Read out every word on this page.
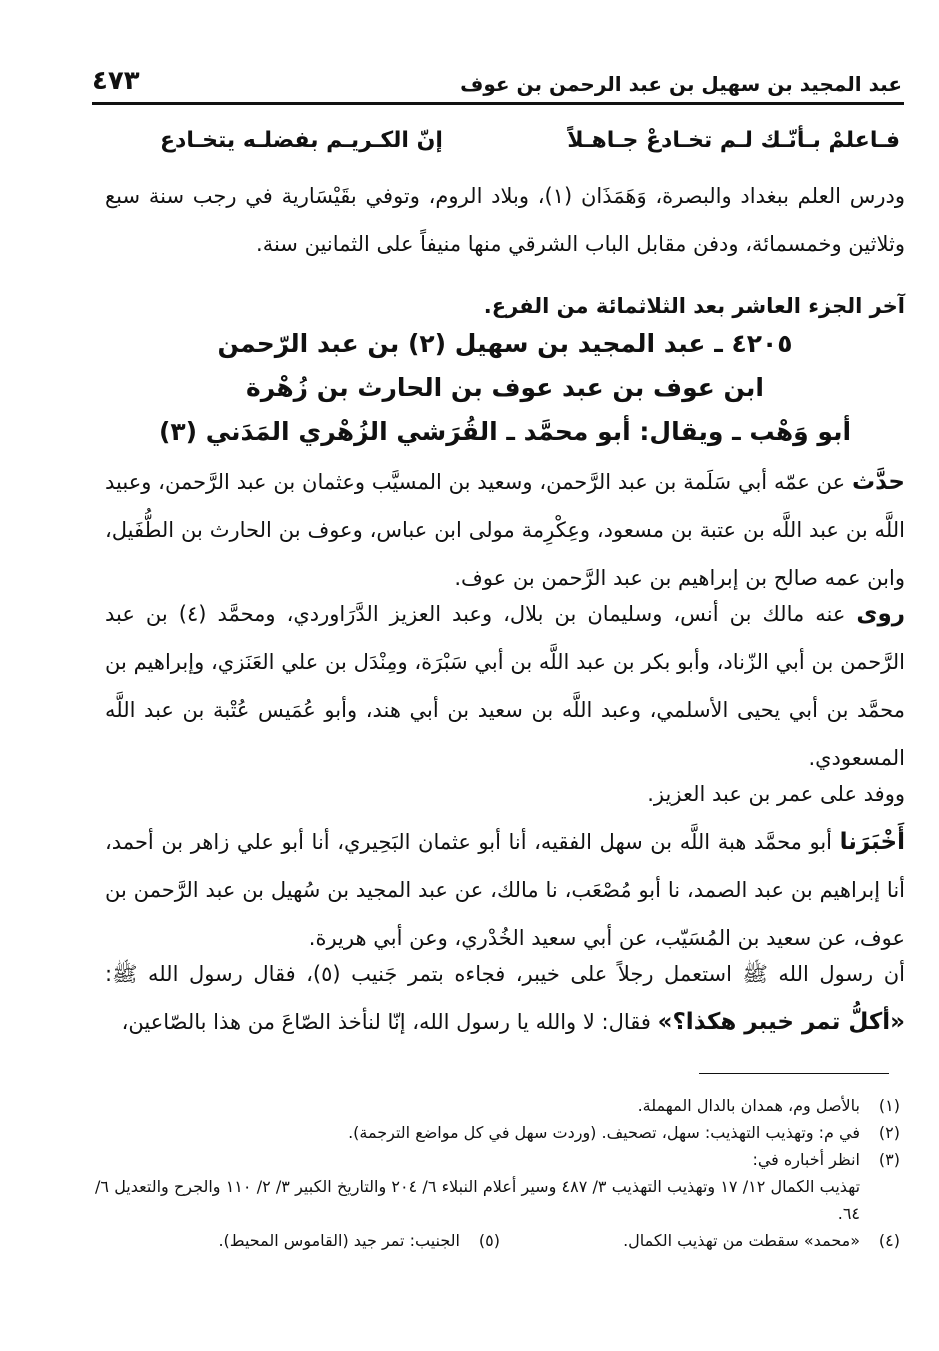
عبد المجيد بن سهيل بن عبد الرحمن بن عوف
٤٧٣
فـاعلمْ بـأنّـك لـم تخـادعْ جـاهـلاً
إنّ الكـريـم بفضلـه يتخـادع
ودرس العلم ببغداد والبصرة، وَهَمَذَان (١)، وبلاد الروم، وتوفي بقَيْسَارية في رجب سنة سبع وثلاثين وخمسمائة، ودفن مقابل الباب الشرقي منها منيفاً على الثمانين سنة.
آخر الجزء العاشر بعد الثلاثمائة من الفرع.
٤٢٠٥ ـ عبد المجيد بن سهيل (٢) بن عبد الرّحمن
ابن عوف بن عبد عوف بن الحارث بن زُهْرة
أبو وَهْب ـ ويقال: أبو محمَّد ـ القُرَشي الزُهْري المَدَني (٣)
حدَّث عن عمّه أبي سَلَمة بن عبد الرَّحمن، وسعيد بن المسيَّب وعثمان بن عبد الرَّحمن، وعبيد اللَّه بن عبد اللَّه بن عتبة بن مسعود، وعِكْرِمة مولى ابن عباس، وعوف بن الحارث بن الطُّفَيل، وابن عمه صالح بن إبراهيم بن عبد الرَّحمن بن عوف.
روى عنه مالك بن أنس، وسليمان بن بلال، وعبد العزيز الدَّرَاوردي، ومحمَّد (٤) بن عبد الرَّحمن بن أبي الزّناد، وأبو بكر بن عبد اللَّه بن أبي سَبْرَة، ومِنْدَل بن علي العَنَزي، وإبراهيم بن محمَّد بن أبي يحيى الأسلمي، وعبد اللَّه بن سعيد بن أبي هند، وأبو عُمَيس عُتْبة بن عبد اللَّه المسعودي.
ووفد على عمر بن عبد العزيز.
أَخْبَرَنا أبو محمَّد هبة اللَّه بن سهل الفقيه، أنا أبو عثمان البَحِيري، أنا أبو علي زاهر بن أحمد، أنا إبراهيم بن عبد الصمد، نا أبو مُصْعَب، نا مالك، عن عبد المجيد بن سُهيل بن عبد الرَّحمن بن عوف، عن سعيد بن المُسَيّب، عن أبي سعيد الخُدْري، وعن أبي هريرة.
أن رسول الله ﷺ استعمل رجلاً على خيبر، فجاءه بتمر جَنيب (٥)، فقال رسول الله ﷺ: «أكلُّ تمر خيبر هكذا؟» فقال: لا والله يا رسول الله، إنّا لنأخذ الصّاعَ من هذا بالصّاعين،
(١)
بالأصل وم، همدان بالدال المهملة.
(٢)
في م: وتهذيب التهذيب: سهل، تصحيف. (وردت سهل في كل مواضع الترجمة).
(٣)
انظر أخباره في:
تهذيب الكمال ١٢/ ١٧ وتهذيب التهذيب ٣/ ٤٨٧ وسير أعلام النبلاء ٦/ ٢٠٤ والتاريخ الكبير ٣/ ٢/ ١١٠ والجرح والتعديل ٦/ ٦٤.
(٤)
«محمد» سقطت من تهذيب الكمال.
(٥)
الجنيب: تمر جيد (القاموس المحيط).
